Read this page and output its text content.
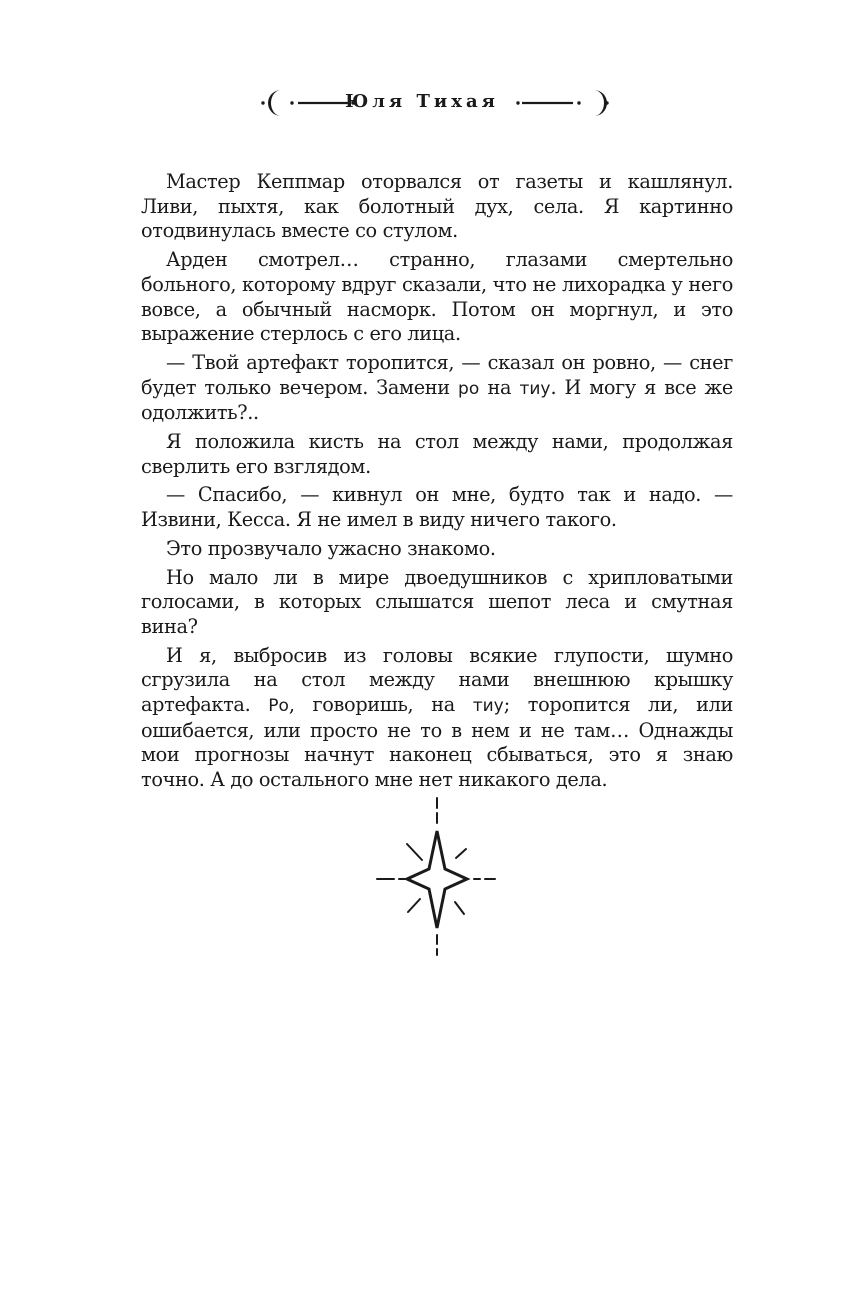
Юля Тихая

Мастер Кеппмар оторвался от газеты и кашлянул. Ливи, пыхтя, как болотный дух, села. Я картинно отодвинулась вместе со стулом.

Арден смотрел… странно, глазами смертельно больного, которому вдруг сказали, что не лихорадка у него вовсе, а обычный насморк. Потом он моргнул, и это выражение стерлось с его лица.

— Твой артефакт торопится, — сказал он ровно, — снег будет только вечером. Замени ро на тиу. И могу я все же одолжить?..

Я положила кисть на стол между нами, продолжая сверлить его взглядом.

— Спасибо, — кивнул он мне, будто так и надо. — Извини, Кесса. Я не имел в виду ничего такого.

Это прозвучало ужасно знакомо.

Но мало ли в мире двоедушников с хрипловатыми голосами, в которых слышатся шепот леса и смутная вина?

И я, выбросив из головы всякие глупости, шумно сгрузила на стол между нами внешнюю крышку артефакта. Ро, говоришь, на тиу; торопится ли, или ошибается, или просто не то в нем и не там… Однажды мои прогнозы начнут наконец сбываться, это я знаю точно. А до остального мне нет никакого дела.
